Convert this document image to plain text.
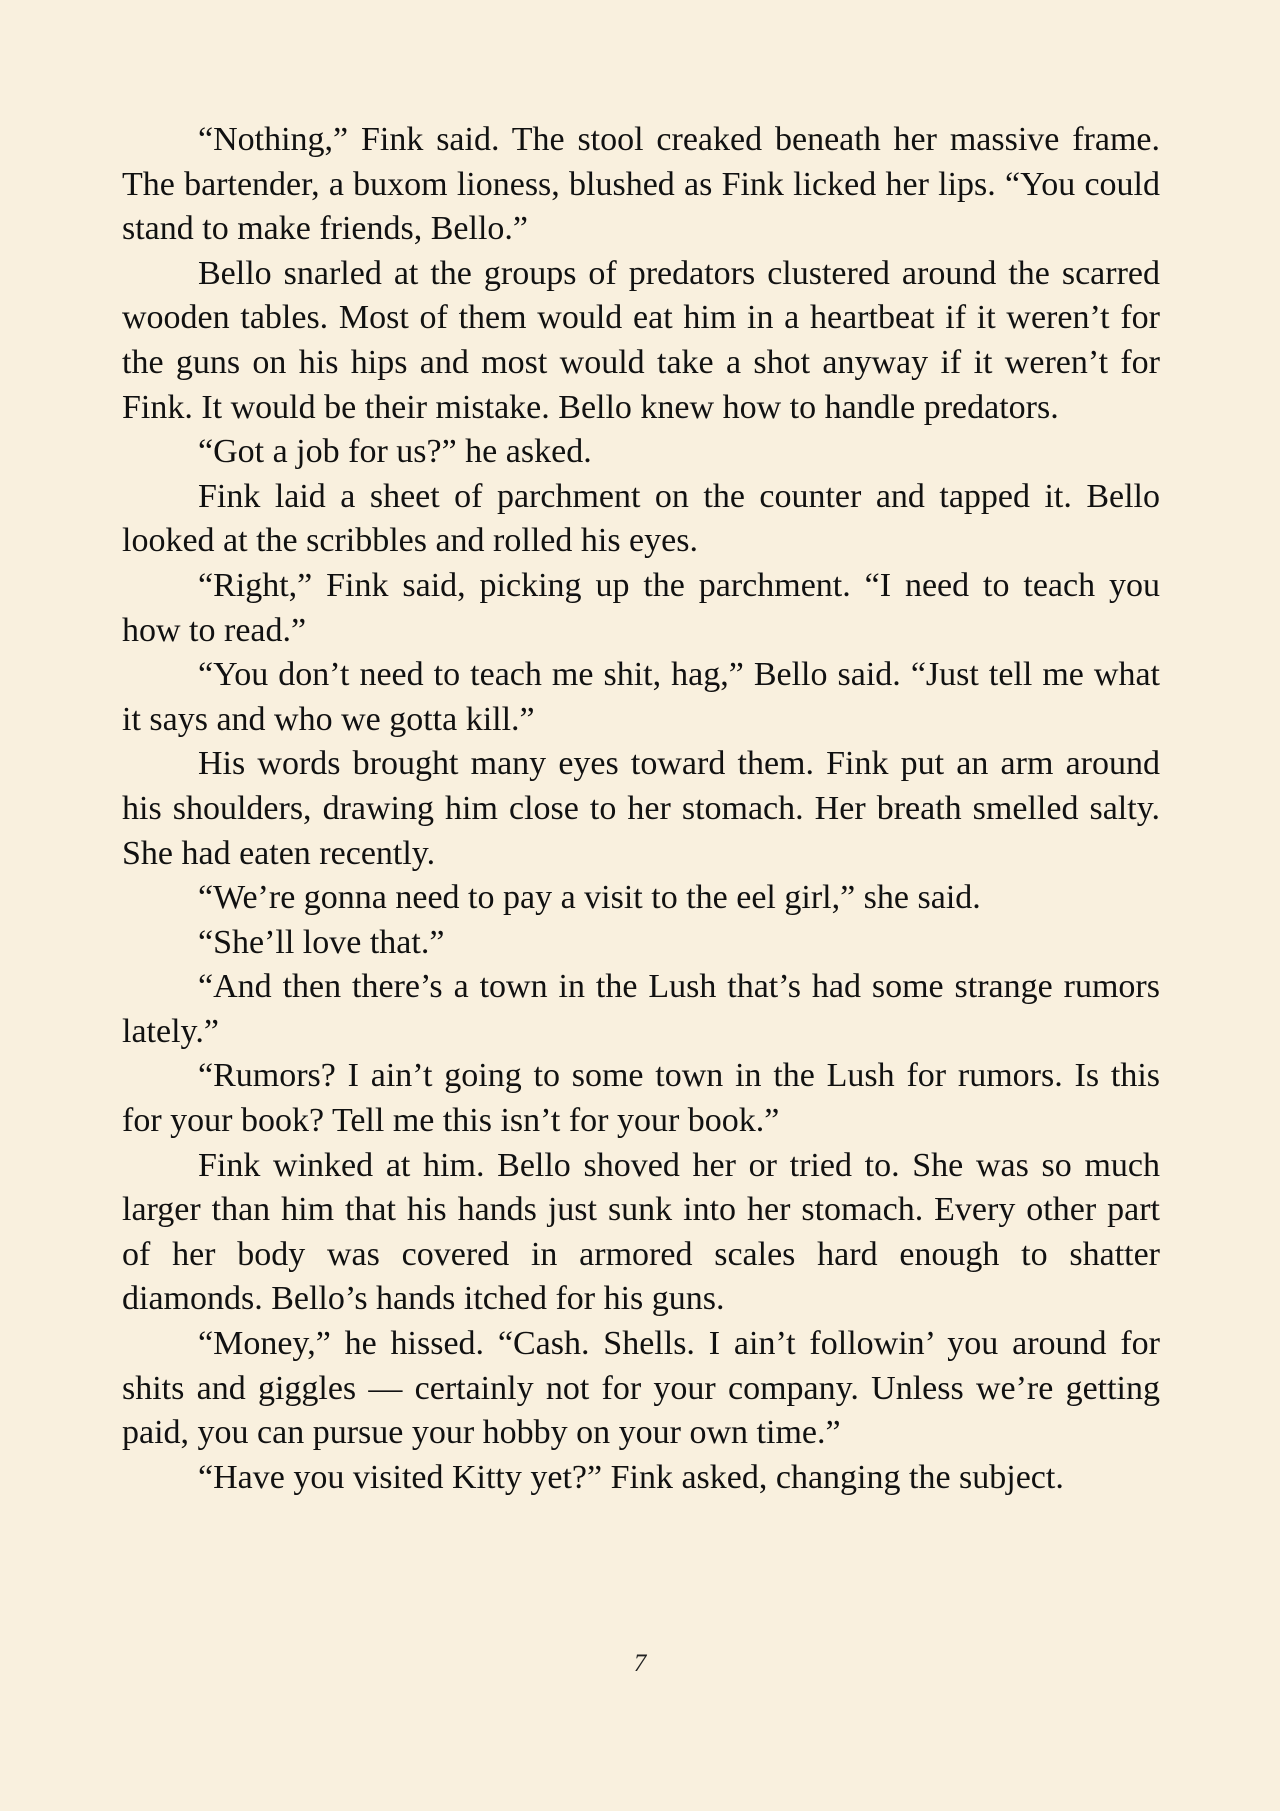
“Nothing,” Fink said. The stool creaked beneath her massive frame. The bartender, a buxom lioness, blushed as Fink licked her lips. “You could stand to make friends, Bello.”

Bello snarled at the groups of predators clustered around the scarred wooden tables. Most of them would eat him in a heartbeat if it weren’t for the guns on his hips and most would take a shot anyway if it weren’t for Fink. It would be their mistake. Bello knew how to handle predators.

“Got a job for us?” he asked.

Fink laid a sheet of parchment on the counter and tapped it. Bello looked at the scribbles and rolled his eyes.

“Right,” Fink said, picking up the parchment. “I need to teach you how to read.”

“You don’t need to teach me shit, hag,” Bello said. “Just tell me what it says and who we gotta kill.”

His words brought many eyes toward them. Fink put an arm around his shoulders, drawing him close to her stomach. Her breath smelled salty. She had eaten recently.

“We’re gonna need to pay a visit to the eel girl,” she said.

“She’ll love that.”

“And then there’s a town in the Lush that’s had some strange rumors lately.”

“Rumors? I ain’t going to some town in the Lush for rumors. Is this for your book? Tell me this isn’t for your book.”

Fink winked at him. Bello shoved her or tried to. She was so much larger than him that his hands just sunk into her stomach. Every other part of her body was covered in armored scales hard enough to shatter diamonds. Bello’s hands itched for his guns.

“Money,” he hissed. “Cash. Shells. I ain’t followin’ you around for shits and giggles — certainly not for your company. Unless we’re getting paid, you can pursue your hobby on your own time.”

“Have you visited Kitty yet?” Fink asked, changing the subject.

7
